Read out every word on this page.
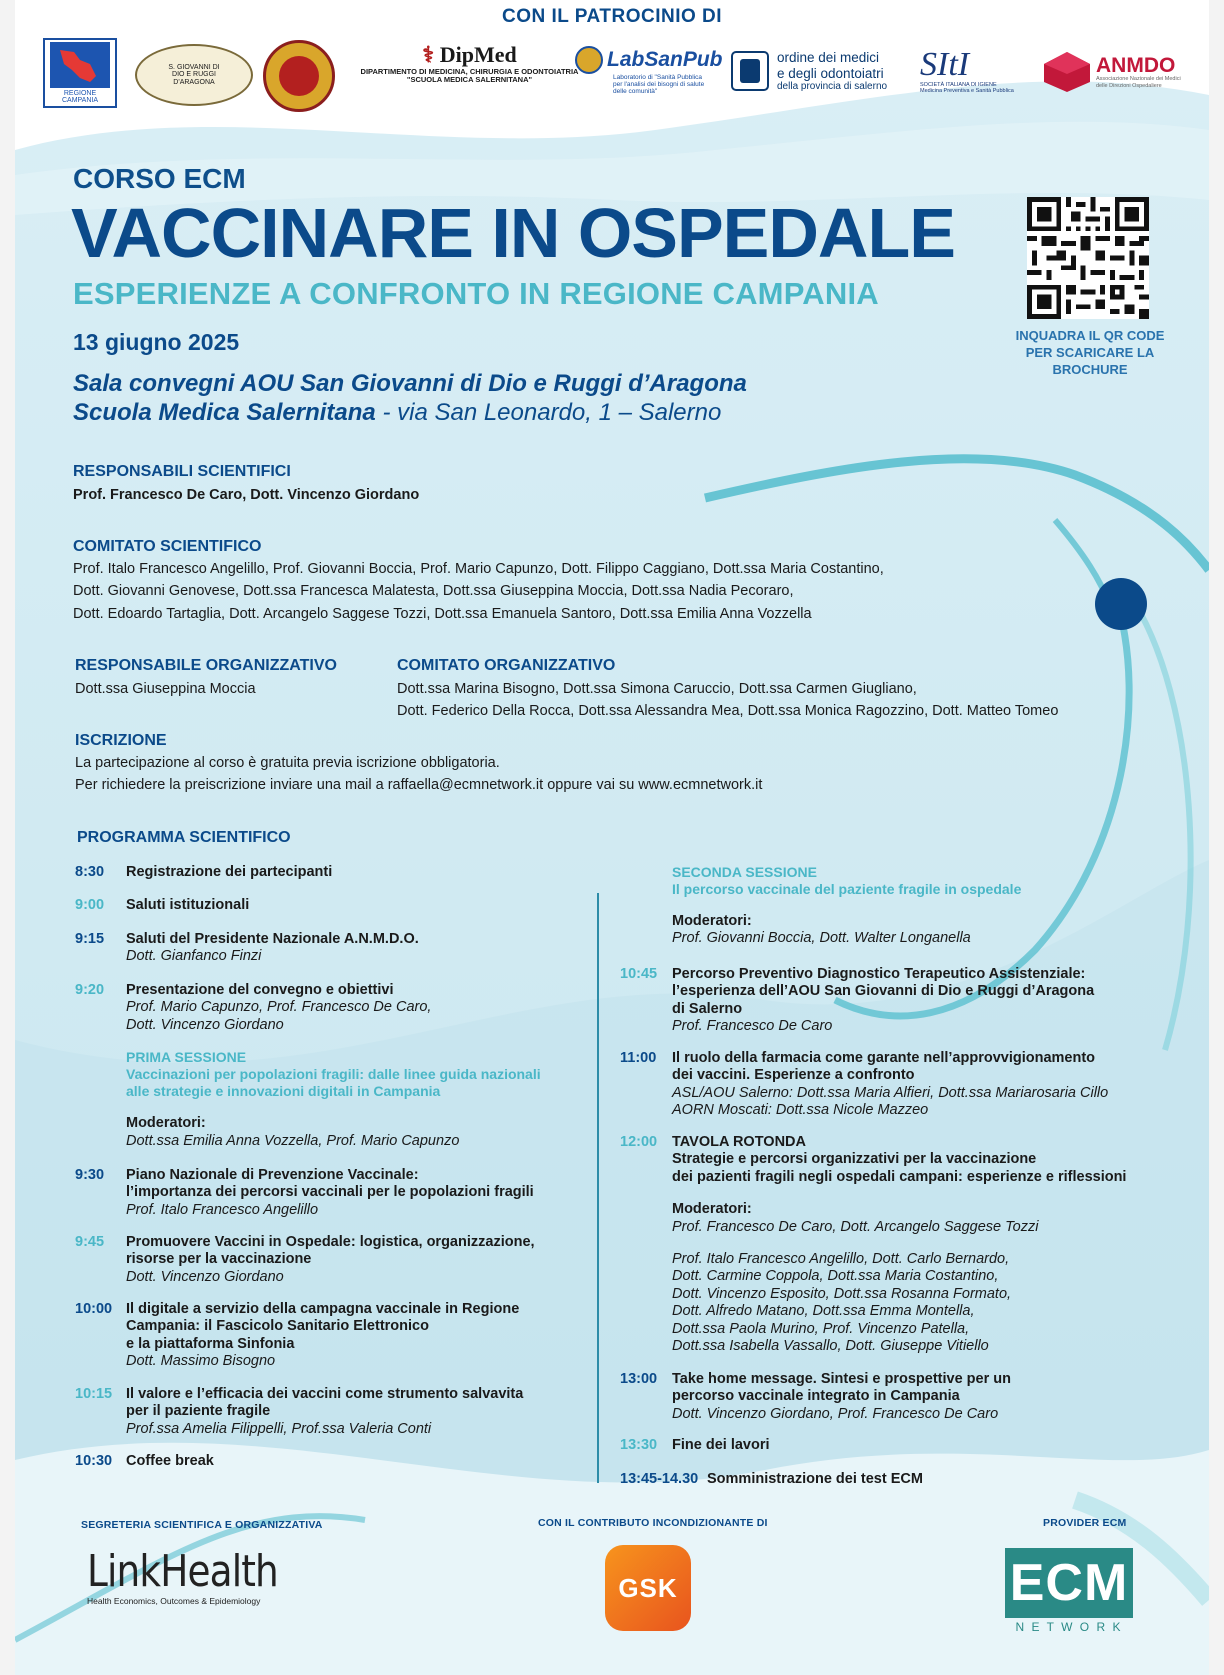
CON IL PATROCINIO DI
REGIONE CAMPANIA
S. GIOVANNI DI DIO E RUGGI D'ARAGONA
⚕ DipMed
DIPARTIMENTO DI MEDICINA, CHIRURGIA E ODONTOIATRIA
"SCUOLA MEDICA SALERNITANA"
LabSanPub
Laboratorio di "Sanità Pubblica per l'analisi dei bisogni di salute delle comunità"
ordine dei medici
e degli odontoiatri
della provincia di salerno
SItI
SOCIETÀ ITALIANA DI IGIENE Medicina Preventiva e Sanità Pubblica
ANMDO
Associazione Nazionale dei Medici delle Direzioni Ospedaliere
CORSO ECM
VACCINARE IN OSPEDALE
ESPERIENZE A CONFRONTO IN REGIONE CAMPANIA
13 giugno 2025
Sala convegni AOU San Giovanni di Dio e Ruggi d’Aragona
Scuola Medica Salernitana - via San Leonardo, 1 – Salerno
INQUADRA IL QR CODE PER SCARICARE LA BROCHURE
RESPONSABILI SCIENTIFICI
Prof. Francesco De Caro, Dott. Vincenzo Giordano
COMITATO SCIENTIFICO
Prof. Italo Francesco Angelillo, Prof. Giovanni Boccia, Prof. Mario Capunzo, Dott. Filippo Caggiano, Dott.ssa Maria Costantino,
Dott. Giovanni Genovese, Dott.ssa Francesca Malatesta, Dott.ssa Giuseppina Moccia, Dott.ssa Nadia Pecoraro,
Dott. Edoardo Tartaglia, Dott. Arcangelo Saggese Tozzi, Dott.ssa Emanuela Santoro, Dott.ssa Emilia Anna Vozzella
RESPONSABILE ORGANIZZATIVO
Dott.ssa Giuseppina Moccia
COMITATO ORGANIZZATIVO
Dott.ssa Marina Bisogno, Dott.ssa Simona Caruccio, Dott.ssa Carmen Giugliano,
Dott. Federico Della Rocca, Dott.ssa Alessandra Mea, Dott.ssa Monica Ragozzino, Dott. Matteo Tomeo
ISCRIZIONE
La partecipazione al corso è gratuita previa iscrizione obbligatoria.
Per richiedere la preiscrizione inviare una mail a raffaella@ecmnetwork.it oppure vai su www.ecmnetwork.it
PROGRAMMA SCIENTIFICO
8:30 Registrazione dei partecipanti
9:00 Saluti istituzionali
9:15 Saluti del Presidente Nazionale A.N.M.D.O.
Dott. Gianfanco Finzi
9:20 Presentazione del convegno e obiettivi
Prof. Mario Capunzo, Prof. Francesco De Caro,
Dott. Vincenzo Giordano
PRIMA SESSIONE
Vaccinazioni per popolazioni fragili: dalle linee guida nazionali
alle strategie e innovazioni digitali in Campania
Moderatori:
Dott.ssa Emilia Anna Vozzella, Prof. Mario Capunzo
9:30 Piano Nazionale di Prevenzione Vaccinale:
l’importanza dei percorsi vaccinali per le popolazioni fragili
Prof. Italo Francesco Angelillo
9:45 Promuovere Vaccini in Ospedale: logistica, organizzazione,
risorse per la vaccinazione
Dott. Vincenzo Giordano
10:00 Il digitale a servizio della campagna vaccinale in Regione
Campania: il Fascicolo Sanitario Elettronico
e la piattaforma Sinfonia
Dott. Massimo Bisogno
10:15 Il valore e l’efficacia dei vaccini come strumento salvavita
per il paziente fragile
Prof.ssa Amelia Filippelli, Prof.ssa Valeria Conti
10:30 Coffee break
SECONDA SESSIONE
Il percorso vaccinale del paziente fragile in ospedale
Moderatori:
Prof. Giovanni Boccia, Dott. Walter Longanella
10:45 Percorso Preventivo Diagnostico Terapeutico Assistenziale:
l’esperienza dell’AOU San Giovanni di Dio e Ruggi d’Aragona
di Salerno
Prof. Francesco De Caro
11:00 Il ruolo della farmacia come garante nell’approvvigionamento
dei vaccini. Esperienze a confronto
ASL/AOU Salerno: Dott.ssa Maria Alfieri, Dott.ssa Mariarosaria Cillo
AORN Moscati: Dott.ssa Nicole Mazzeo
12:00 TAVOLA ROTONDA
Strategie e percorsi organizzativi per la vaccinazione
dei pazienti fragili negli ospedali campani: esperienze e riflessioni
Moderatori:
Prof. Francesco De Caro, Dott. Arcangelo Saggese Tozzi
Prof. Italo Francesco Angelillo, Dott. Carlo Bernardo,
Dott. Carmine Coppola, Dott.ssa Maria Costantino,
Dott. Vincenzo Esposito, Dott.ssa Rosanna Formato,
Dott. Alfredo Matano, Dott.ssa Emma Montella,
Dott.ssa Paola Murino, Prof. Vincenzo Patella,
Dott.ssa Isabella Vassallo, Dott. Giuseppe Vitiello
13:00 Take home message. Sintesi e prospettive per un
percorso vaccinale integrato in Campania
Dott. Vincenzo Giordano, Prof. Francesco De Caro
13:30 Fine dei lavori
13:45-14.30 Somministrazione dei test ECM
SEGRETERIA SCIENTIFICA E ORGANIZZATIVA
LinkHealth
Health Economics, Outcomes & Epidemiology
CON IL CONTRIBUTO INCONDIZIONANTE DI
GSK
PROVIDER ECM
ECM
N E T W O R K
